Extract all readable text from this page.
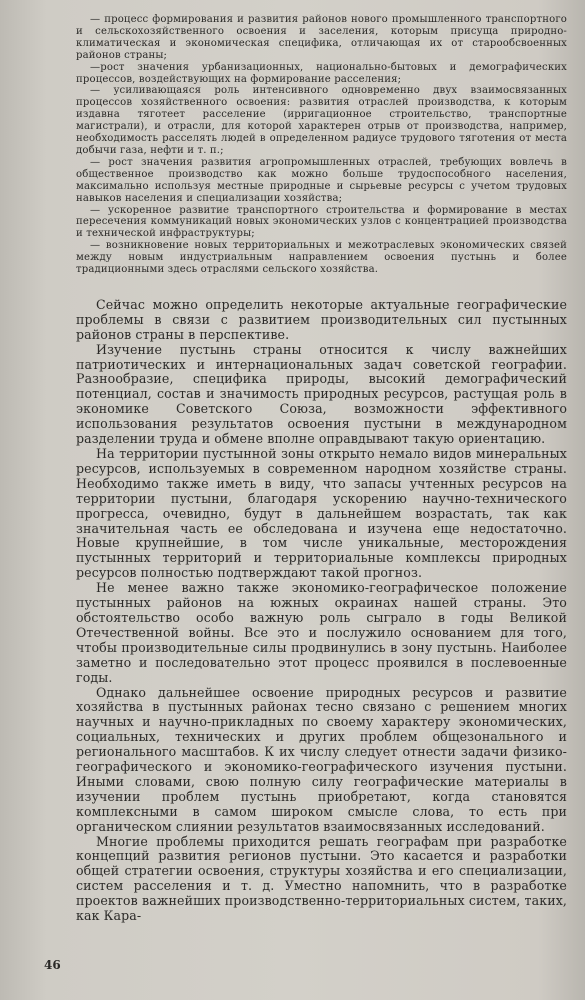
— процесс формирования и развития районов нового промышленного транспортного и сельскохозяйственного освоения и заселения, которым присуща природно-климатическая и экономическая специфика, отличающая их от старообсвоенных районов страны;

—рост значения урбанизационных, национально-бытовых и демографических процессов, воздействующих на формирование расселения;

— усиливающаяся роль интенсивного одновременно двух взаимосвязанных процессов хозяйственного освоения: развития отраслей производства, к которым издавна тяготеет расселение (ирригационное строительство, транспортные магистрали), и отрасли, для которой характерен отрыв от производства, например, необходимость расселять людей в определенном радиусе трудового тяготения от места добычи газа, нефти и т. п.;

— рост значения развития агропромышленных отраслей, требующих вовлечь в общественное производство как можно больше трудоспособного населения, максимально используя местные природные и сырьевые ресурсы с учетом трудовых навыков населения и специализации хозяйства;

— ускоренное развитие транспортного строительства и формирование в местах пересечения коммуникаций новых экономических узлов с концентрацией производства и технической инфраструктуры;

— возникновение новых территориальных и межотраслевых экономических связей между новым индустриальным направлением освоения пустынь и более традиционными здесь отраслями сельского хозяйства.

Сейчас можно определить некоторые актуальные географические проблемы в связи с развитием производительных сил пустынных районов страны в перспективе.

Изучение пустынь страны относится к числу важнейших патриотических и интернациональных задач советской географии. Разнообразие, специфика природы, высокий демографический потенциал, состав и значимость природных ресурсов, растущая роль в экономике Советского Союза, возможности эффективного использования результатов освоения пустыни в международном разделении труда и обмене вполне оправдывают такую ориентацию.

На территории пустынной зоны открыто немало видов минеральных ресурсов, используемых в современном народном хозяйстве страны. Необходимо также иметь в виду, что запасы учтенных ресурсов на территории пустыни, благодаря ускорению научно-технического прогресса, очевидно, будут в дальнейшем возрастать, так как значительная часть ее обследована и изучена еще недостаточно. Новые крупнейшие, в том числе уникальные, месторождения пустынных территорий и территориальные комплексы природных ресурсов полностью подтверждают такой прогноз.

Не менее важно также экономико-географическое положение пустынных районов на южных окраинах нашей страны. Это обстоятельство особо важную роль сыграло в годы Великой Отечественной войны. Все это и послужило основанием для того, чтобы производительные силы продвинулись в зону пустынь. Наиболее заметно и последовательно этот процесс проявился в послевоенные годы.

Однако дальнейшее освоение природных ресурсов и развитие хозяйства в пустынных районах тесно связано с решением многих научных и научно-прикладных по своему характеру экономических, социальных, технических и других проблем общезонального и регионального масштабов. К их числу следует отнести задачи физико-географического и экономико-географического изучения пустыни. Иными словами, свою полную силу географические материалы в изучении проблем пустынь приобретают, когда становятся комплексными в самом широком смысле слова, то есть при органическом слиянии результатов взаимосвязанных исследований.

Многие проблемы приходится решать географам при разработке концепций развития регионов пустыни. Это касается и разработки общей стратегии освоения, структуры хозяйства и его специализации, систем расселения и т. д. Уместно напомнить, что в разработке проектов важнейших производственно-территориальных систем, таких, как Кара-

46
